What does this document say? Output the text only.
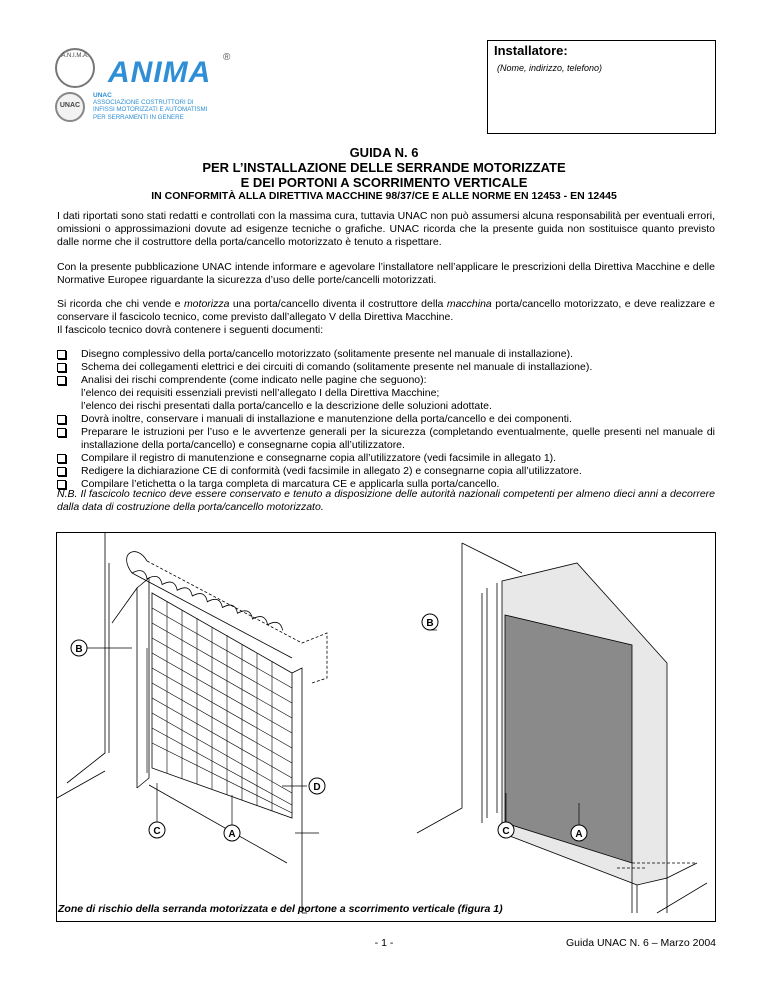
A.N.I.M.A. ANIMA ®
UNAC
UNAC
ASSOCIAZIONE COSTRUTTORI DI
INFISSI MOTORIZZATI E AUTOMATISMI
PER SERRAMENTI IN GENERE
Installatore:
(Nome, indirizzo, telefono)
GUIDA N. 6
PER L’INSTALLAZIONE DELLE SERRANDE MOTORIZZATE
E DEI PORTONI A SCORRIMENTO VERTICALE
IN CONFORMITÀ ALLA DIRETTIVA MACCHINE 98/37/CE E ALLE NORME EN 12453 - EN 12445
I dati riportati sono stati redatti e controllati con la massima cura, tuttavia UNAC non può assumersi alcuna responsabilità per eventuali errori, omissioni o approssimazioni dovute ad esigenze tecniche o grafiche. UNAC ricorda che la presente guida non sostituisce quanto previsto dalle norme che il costruttore della porta/cancello motorizzato è tenuto a rispettare.
Con la presente pubblicazione UNAC intende informare e agevolare l’installatore nell’applicare le prescrizioni della Direttiva Macchine e delle Normative Europee riguardante la sicurezza d’uso delle porte/cancelli motorizzati.
Si ricorda che chi vende e motorizza una porta/cancello diventa il costruttore della macchina porta/cancello motorizzato, e deve realizzare e conservare il fascicolo tecnico, come previsto dall’allegato V della Direttiva Macchine.
Il fascicolo tecnico dovrà contenere i seguenti documenti:
Disegno complessivo della porta/cancello motorizzato (solitamente presente nel manuale di installazione).
Schema dei collegamenti elettrici e dei circuiti di comando (solitamente presente nel manuale di installazione).
Analisi dei rischi comprendente (come indicato nelle pagine che seguono):
l’elenco dei requisiti essenziali previsti nell’allegato I della Direttiva Macchine;
l’elenco dei rischi presentati dalla porta/cancello e la descrizione delle soluzioni adottate.
Dovrà inoltre, conservare i manuali di installazione e manutenzione della porta/cancello e dei componenti.
Preparare le istruzioni per l’uso e le avvertenze generali per la sicurezza (completando eventualmente, quelle presenti nel manuale di installazione della porta/cancello) e consegnarne copia all’utilizzatore.
Compilare il registro di manutenzione e consegnarne copia all’utilizzatore (vedi facsimile in allegato 1).
Redigere la dichiarazione CE di conformità (vedi facsimile in allegato 2) e consegnarne copia all’utilizzatore.
Compilare l’etichetta o la targa completa di marcatura CE e applicarla sulla porta/cancello.
N.B. Il fascicolo tecnico deve essere conservato e tenuto a disposizione delle autorità nazionali competenti per almeno dieci anni a decorrere dalla data di costruzione della porta/cancello motorizzato.
B
B
D
C	A	C	A
Zone di rischio della serranda motorizzata e del portone a scorrimento verticale (figura 1)
- 1 -	Guida UNAC N. 6 – Marzo 2004
